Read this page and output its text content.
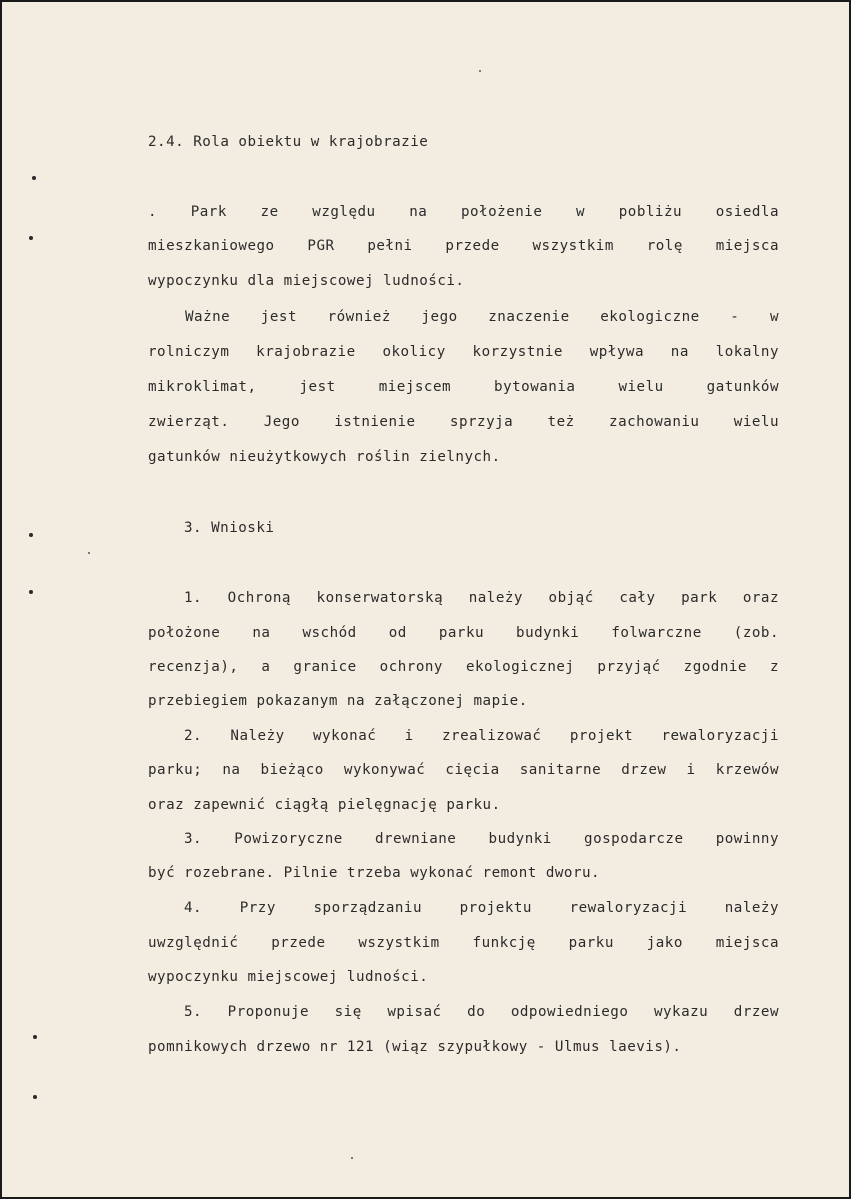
2.4. Rola obiektu w krajobrazie
. Park ze względu na położenie w pobliżu osiedla
mieszkaniowego PGR pełni przede wszystkim rolę miejsca
wypoczynku dla miejscowej ludności.
Ważne jest również jego znaczenie ekologiczne - w
rolniczym krajobrazie okolicy korzystnie wpływa na lokalny
mikroklimat, jest miejscem bytowania wielu gatunków
zwierząt. Jego istnienie sprzyja też zachowaniu wielu
gatunków nieużytkowych roślin zielnych.
3. Wnioski
1. Ochroną konserwatorską należy objąć cały park oraz
położone na wschód od parku budynki folwarczne (zob.
recenzja), a granice ochrony ekologicznej przyjąć zgodnie z
przebiegiem pokazanym na załączonej mapie.
2. Należy wykonać i zrealizować projekt rewaloryzacji
parku; na bieżąco wykonywać cięcia sanitarne drzew i krzewów
oraz zapewnić ciągłą pielęgnację parku.
3. Powizoryczne drewniane budynki gospodarcze powinny
być rozebrane. Pilnie trzeba wykonać remont dworu.
4. Przy sporządzaniu projektu rewaloryzacji należy
uwzględnić przede wszystkim funkcję parku jako miejsca
wypoczynku miejscowej ludności.
5. Proponuje się wpisać do odpowiedniego wykazu drzew
pomnikowych drzewo nr 121 (wiąz szypułkowy - Ulmus laevis).
